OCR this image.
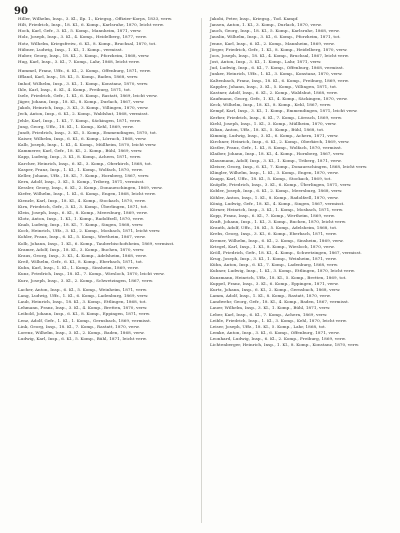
90

Hiller, Wilhelm, Insp., 3. Kl., Ilp. 1., Kriegsg., Offizier-Korps, 1833, verw.

Hilt, Friedrich, Insp., 18. Kl., 6. Komp., Karlsruhe, 1870, leicht verw.

Hock, Karl, Gefr., 3. Kl., 5. Komp., Mannheim, 1871, verw.

Holz, Joseph, Insp., 3. Kl., 4. Komp., Heidelberg, 1877, verw.

Hotz, Wilhelm, Kriegsfreiw., 6. Kl., 8. Komp., Bruchsal, 1870, tot.

Hübner, Ludwig, Insp., 1. Kl., 1. Komp., vermisst.

Huber, Georg, Insp., 18. Kl., 3. Komp., Pforzheim, 1868, verw.

Hug, Karl, Insp., 3. Kl., 7. Komp., Lahr, 1868, leicht verw.

Hummel, Franz, Uffz., 6. Kl., 2. Komp., Offenburg, 1871, verw.

Iffland, Karl, Insp., 18. Kl., 5. Komp., Baden, 1868, verw.

Imhof, Wilhelm, Insp., 3. Kl., 1. Komp., Konstanz, 1870, verw.

Ihle, Karl, Insp., 6. Kl., 4. Komp., Freiburg, 1871, tot.

Isele, Friedrich, Gefr., 1. Kl., 6. Komp., Rastatt, 1869, leicht verw.

Jäger, Johann, Insp., 18. Kl., 8. Komp., Durlach, 1867, verw.

Jakob, Heinrich, Insp., 3. Kl., 3. Komp., Villingen, 1870, verw.

Jeck, Anton, Insp., 6. Kl., 2. Komp., Waldshut, 1868, vermisst.

Jehle, Karl, Insp., 1. Kl., 7. Komp., Säckingen, 1871, verw.

Jung, Georg, Uffz., 18. Kl., 1. Komp., Kehl, 1869, verw.

Jundt, Friedrich, Insp., 3. Kl., 5. Komp., Emmendingen, 1870, tot.

Kaiser, Wilhelm, Insp., 6. Kl., 6. Komp., Lörrach, 1868, verw.

Kalb, Joseph, Insp., 1. Kl., 4. Komp., Müllheim, 1870, leicht verw.

Kammerer, Karl, Gefr., 18. Kl., 2. Komp., Bühl, 1869, verw.

Kapp, Ludwig, Insp., 3. Kl., 8. Komp., Achern, 1871, verw.

Karcher, Heinrich, Insp., 6. Kl., 3. Komp., Oberkirch, 1868, tot.

Kasper, Franz, Insp., 1. Kl., 1. Komp., Wolfach, 1870, verw.

Keller, Johann, Uffz., 18. Kl., 7. Komp., Hornberg, 1867, verw.

Kern, Adolf, Insp., 3. Kl., 5. Komp., Triberg, 1871, vermisst.

Kessler, Georg, Insp., 6. Kl., 2. Komp., Donaueschingen, 1869, verw.

Kiefer, Wilhelm, Insp., 1. Kl., 6. Komp., Engen, 1868, leicht verw.

Kienzle, Karl, Insp., 18. Kl., 4. Komp., Stockach, 1870, verw.

Kirn, Friedrich, Gefr., 3. Kl., 3. Komp., Überlingen, 1871, tot.

Klein, Joseph, Insp., 6. Kl., 8. Komp., Meersburg, 1869, verw.

Klotz, Anton, Insp., 1. Kl., 1. Komp., Radolfzell, 1870, verw.

Knab, Ludwig, Insp., 18. Kl., 7. Komp., Singen, 1868, verw.

Koch, Heinrich, Uffz., 3. Kl., 2. Komp., Mosbach, 1871, leicht verw.

Kohler, Franz, Insp., 6. Kl., 5. Komp., Wertheim, 1867, verw.

Kolb, Johann, Insp., 1. Kl., 6. Komp., Tauberbischofsheim, 1869, vermisst.

Kramer, Adolf, Insp., 18. Kl., 3. Komp., Buchen, 1870, verw.

Kraus, Georg, Insp., 3. Kl., 4. Komp., Adelsheim, 1868, verw.

Kreß, Wilhelm, Gefr., 6. Kl., 8. Komp., Eberbach, 1871, tot.

Kuhn, Karl, Insp., 1. Kl., 1. Komp., Sinsheim, 1869, verw.

Kunz, Friedrich, Insp., 18. Kl., 7. Komp., Wiesloch, 1870, leicht verw.

Kurz, Joseph, Insp., 3. Kl., 2. Komp., Schwetzingen, 1867, verw.

Lacher, Anton, Insp., 6. Kl., 5. Komp., Weinheim, 1871, verw.

Lang, Ludwig, Uffz., 1. Kl., 6. Komp., Ladenburg, 1869, verw.

Laub, Heinrich, Insp., 18. Kl., 3. Komp., Ettlingen, 1868, tot.

Lehmann, Franz, Insp., 3. Kl., 4. Komp., Bretten, 1870, verw.

Leibold, Johann, Insp., 6. Kl., 8. Komp., Eppingen, 1871, verw.

Lenz, Adolf, Gefr., 1. Kl., 1. Komp., Gernsbach, 1869, vermisst.

Link, Georg, Insp., 18. Kl., 7. Komp., Rastatt, 1870, verw.

Lorenz, Wilhelm, Insp., 3. Kl., 2. Komp., Baden, 1868, verw.

Ludwig, Karl, Insp., 6. Kl., 5. Komp., Bühl, 1871, leicht verw.

Jakobi, Peter, Insp., Kriegsg., Tod. Kampf.

Jansen, Anton, 1. Kl., 3. Komp., Durlach, 1870, verw.

Jauch, Georg, Insp., 18. Kl., 5. Komp., Karlsruhe, 1868, verw.

Jauslin, Wilhelm, Insp., 3. Kl., 6. Komp., Pforzheim, 1871, tot.

Jenne, Karl, Insp., 6. Kl., 2. Komp., Mannheim, 1869, verw.

Jörger, Friedrich, Gefr., 1. Kl., 8. Komp., Heidelberg, 1870, verw.

Joos, Joseph, Insp., 18. Kl., 4. Komp., Bruchsal, 1867, leicht verw.

Jost, Anton, Insp., 3. Kl., 1. Komp., Lahr, 1871, verw.

Jud, Ludwig, Insp., 6. Kl., 7. Komp., Offenburg, 1868, vermisst.

Junker, Heinrich, Uffz., 1. Kl., 3. Komp., Konstanz, 1870, verw.

Kaltenbach, Franz, Insp., 18. Kl., 6. Komp., Freiburg, 1869, verw.

Kappler, Johann, Insp., 3. Kl., 5. Komp., Villingen, 1871, tot.

Kastner, Adolf, Insp., 6. Kl., 2. Komp., Waldshut, 1868, verw.

Kaufmann, Georg, Gefr., 1. Kl., 4. Komp., Säckingen, 1870, verw.

Keck, Wilhelm, Insp., 18. Kl., 8. Komp., Kehl, 1867, verw.

Kempf, Karl, Insp., 3. Kl., 1. Komp., Emmendingen, 1871, leicht verw.

Kerber, Friedrich, Insp., 6. Kl., 7. Komp., Lörrach, 1869, verw.

Kiehl, Joseph, Insp., 1. Kl., 3. Komp., Müllheim, 1870, verw.

Kilian, Anton, Uffz., 18. Kl., 5. Komp., Bühl, 1868, tot.

Kimmig, Ludwig, Insp., 3. Kl., 6. Komp., Achern, 1871, verw.

Kirchner, Heinrich, Insp., 6. Kl., 2. Komp., Oberkirch, 1869, verw.

Kistler, Franz, Gefr., 1. Kl., 8. Komp., Wolfach, 1870, vermisst.

Klaiber, Johann, Insp., 18. Kl., 4. Komp., Hornberg, 1867, verw.

Klausmann, Adolf, Insp., 3. Kl., 1. Komp., Triberg, 1871, verw.

Kleiser, Georg, Insp., 6. Kl., 7. Komp., Donaueschingen, 1868, leicht verw.

Klingler, Wilhelm, Insp., 1. Kl., 3. Komp., Engen, 1870, verw.

Knapp, Karl, Uffz., 18. Kl., 5. Komp., Stockach, 1869, tot.

Knöpfle, Friedrich, Insp., 3. Kl., 6. Komp., Überlingen, 1871, verw.

Kobler, Joseph, Insp., 6. Kl., 2. Komp., Meersburg, 1868, verw.

Köhler, Anton, Insp., 1. Kl., 8. Komp., Radolfzell, 1870, verw.

König, Ludwig, Gefr., 18. Kl., 4. Komp., Singen, 1867, vermisst.

Körner, Heinrich, Insp., 3. Kl., 1. Komp., Mosbach, 1871, verw.

Kopp, Franz, Insp., 6. Kl., 7. Komp., Wertheim, 1869, verw.

Kraft, Johann, Insp., 1. Kl., 3. Komp., Buchen, 1870, leicht verw.

Krauth, Adolf, Uffz., 18. Kl., 5. Komp., Adelsheim, 1868, tot.

Krebs, Georg, Insp., 3. Kl., 6. Komp., Eberbach, 1871, verw.

Kremer, Wilhelm, Insp., 6. Kl., 2. Komp., Sinsheim, 1869, verw.

Kriegel, Karl, Insp., 1. Kl., 8. Komp., Wiesloch, 1870, verw.

Kröll, Friedrich, Gefr., 18. Kl., 4. Komp., Schwetzingen, 1867, vermisst.

Krug, Joseph, Insp., 3. Kl., 1. Komp., Weinheim, 1871, verw.

Kühn, Anton, Insp., 6. Kl., 7. Komp., Ladenburg, 1868, verw.

Kuhner, Ludwig, Insp., 1. Kl., 3. Komp., Ettlingen, 1870, leicht verw.

Kunzmann, Heinrich, Uffz., 18. Kl., 5. Komp., Bretten, 1869, tot.

Kuppel, Franz, Insp., 3. Kl., 6. Komp., Eppingen, 1871, verw.

Kurtz, Johann, Insp., 6. Kl., 2. Komp., Gernsbach, 1868, verw.

Lamm, Adolf, Insp., 1. Kl., 8. Komp., Rastatt, 1870, verw.

Landwehr, Georg, Gefr., 18. Kl., 4. Komp., Baden, 1867, vermisst.

Lauer, Wilhelm, Insp., 3. Kl., 1. Komp., Bühl, 1871, verw.

Leber, Karl, Insp., 6. Kl., 7. Komp., Achern, 1869, verw.

Leible, Friedrich, Insp., 1. Kl., 3. Komp., Kehl, 1870, leicht verw.

Leiser, Joseph, Uffz., 18. Kl., 5. Komp., Lahr, 1868, tot.

Lemke, Anton, Insp., 3. Kl., 6. Komp., Offenburg, 1871, verw.

Leonhard, Ludwig, Insp., 6. Kl., 2. Komp., Freiburg, 1869, verw.

Lichtenberger, Heinrich, Insp., 1. Kl., 8. Komp., Konstanz, 1870, verw.
